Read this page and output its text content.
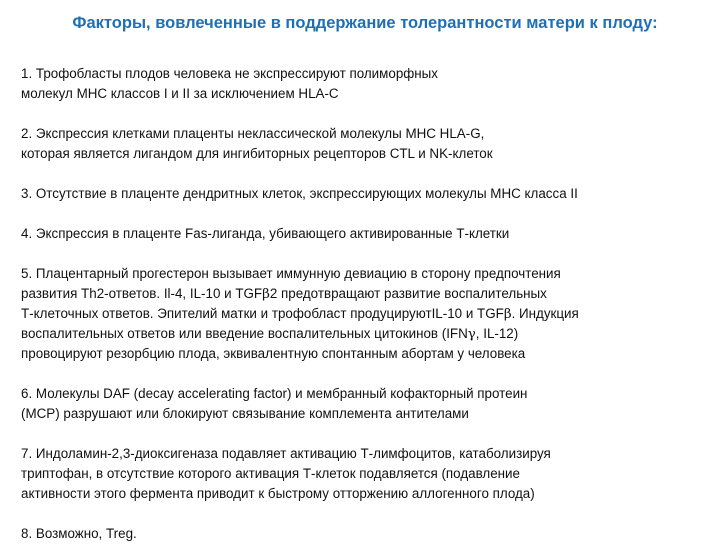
Факторы, вовлеченные в поддержание толерантности матери к плоду:
1. Трофобласты плодов человека не экспрессируют полиморфных
молекул MHC классов I и II за исключением HLA-C
2. Экспрессия клетками плаценты неклассической молекулы MHC HLA-G,
которая является лигандом для ингибиторных рецепторов CTL и NK-клеток
3. Отсутствие в плаценте дендритных клеток, экспрессирующих молекулы MHC класса II
4. Экспрессия в плаценте Fas-лиганда, убивающего активированные Т-клетки
5. Плацентарный прогестерон вызывает иммунную девиацию в сторону предпочтения
развития Th2-ответов. Il-4, IL-10 и TGFβ2 предотвращают развитие воспалительных
Т-клеточных ответов. Эпителий матки и трофобласт продуцируютIL-10 и TGFβ. Индукция
воспалительных ответов или введение воспалительных цитокинов (IFNγ, IL-12)
провоцируют резорбцию плода, эквивалентную спонтанным абортам у человека
6. Молекулы DAF (decay accelerating factor) и мембранный кофакторный протеин
(MCP) разрушают или блокируют связывание комплемента антителами
7. Индоламин-2,3-диоксигеназа подавляет активацию Т-лимфоцитов, катаболизируя
триптофан, в отсутствие которого активация Т-клеток подавляется (подавление
активности этого фермента приводит к быстрому отторжению аллогенного плода)
8. Возможно, Treg.
